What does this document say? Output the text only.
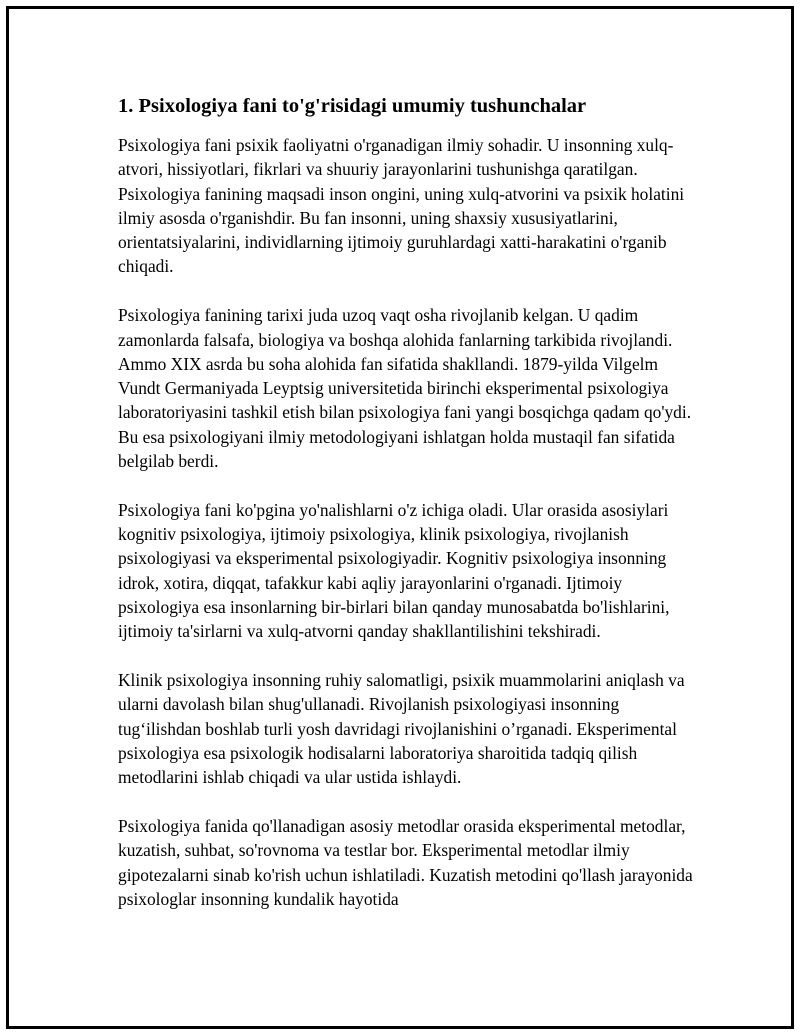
1. Psixologiya fani to'g'risidagi umumiy tushunchalar

Psixologiya fani psixik faoliyatni o'rganadigan ilmiy sohadir. U insonning xulq-atvori, hissiyotlari, fikrlari va shuuriy jarayonlarini tushunishga qaratilgan. Psixologiya fanining maqsadi inson ongini, uning xulq-atvorini va psixik holatini ilmiy asosda o'rganishdir. Bu fan insonni, uning shaxsiy xususiyatlarini, orientatsiyalarini, individlarning ijtimoiy guruhlardagi xatti-harakatini o'rganib chiqadi.

Psixologiya fanining tarixi juda uzoq vaqt osha rivojlanib kelgan. U qadim zamonlarda falsafa, biologiya va boshqa alohida fanlarning tarkibida rivojlandi. Ammo XIX asrda bu soha alohida fan sifatida shakllandi. 1879-yilda Vilgelm Vundt Germaniyada Leyptsig universitetida birinchi eksperimental psixologiya laboratoriyasini tashkil etish bilan psixologiya fani yangi bosqichga qadam qo'ydi. Bu esa psixologiyani ilmiy metodologiyani ishlatgan holda mustaqil fan sifatida belgilab berdi.

Psixologiya fani ko'pgina yo'nalishlarni o'z ichiga oladi. Ular orasida asosiylari kognitiv psixologiya, ijtimoiy psixologiya, klinik psixologiya, rivojlanish psixologiyasi va eksperimental psixologiyadir. Kognitiv psixologiya insonning idrok, xotira, diqqat, tafakkur kabi aqliy jarayonlarini o'rganadi. Ijtimoiy psixologiya esa insonlarning bir-birlari bilan qanday munosabatda bo'lishlarini, ijtimoiy ta'sirlarni va xulq-atvorni qanday shakllantilishini tekshiradi.

Klinik psixologiya insonning ruhiy salomatligi, psixik muammolarini aniqlash va ularni davolash bilan shug'ullanadi. Rivojlanish psixologiyasi insonning tug‘ilishdan boshlab turli yosh davridagi rivojlanishini o’rganadi. Eksperimental psixologiya esa psixologik hodisalarni laboratoriya sharoitida tadqiq qilish metodlarini ishlab chiqadi va ular ustida ishlaydi.

Psixologiya fanida qo'llanadigan asosiy metodlar orasida eksperimental metodlar, kuzatish, suhbat, so'rovnoma va testlar bor. Eksperimental metodlar ilmiy gipotezalarni sinab ko'rish uchun ishlatiladi. Kuzatish metodini qo'llash jarayonida psixologlar insonning kundalik hayotida
